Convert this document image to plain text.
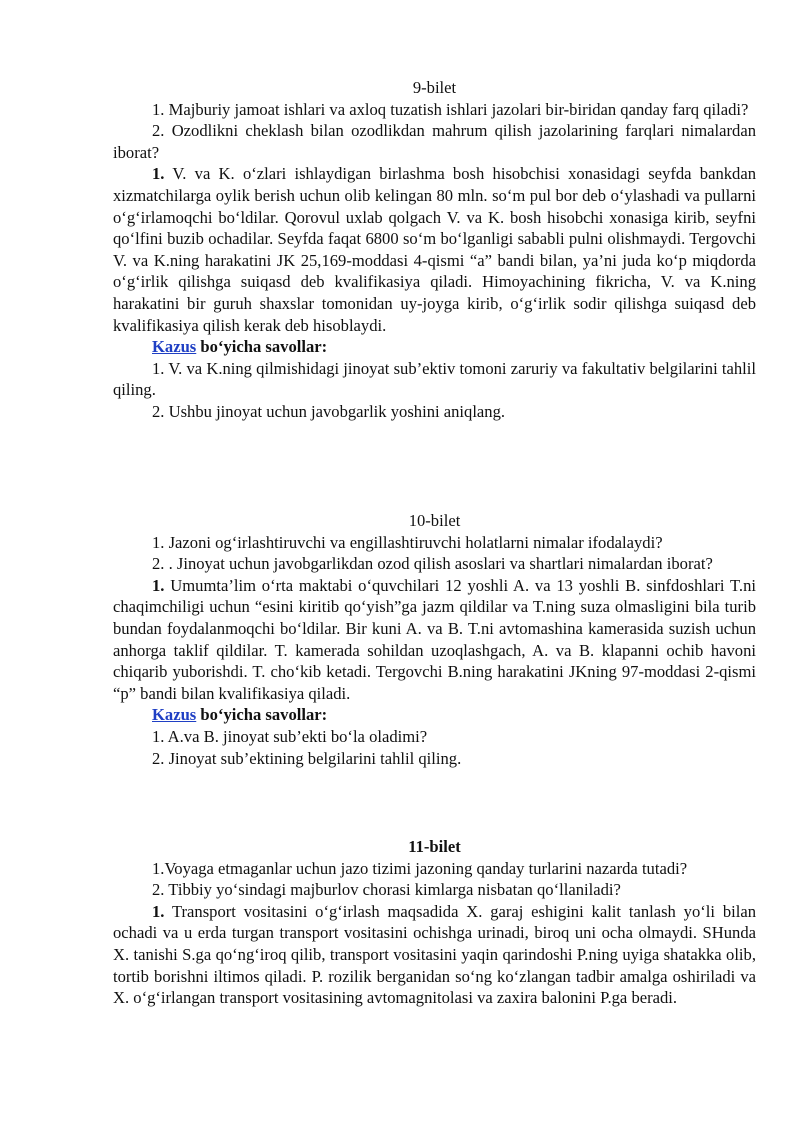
9-bilet

1. Majburiy jamoat ishlari va axloq tuzatish ishlari jazolari bir-biridan qanday farq qiladi?

2. Ozodlikni cheklash bilan ozodlikdan mahrum qilish jazolarining farqlari nimalardan iborat?

1. V. va K. o‘zlari ishlaydigan birlashma bosh hisobchisi xonasidagi seyfda bankdan xizmatchilarga oylik berish uchun olib kelingan 80 mln. so‘m pul bor deb o‘ylashadi va pullarni o‘g‘irlamoqchi bo‘ldilar. Qorovul uxlab qolgach V. va K. bosh hisobchi xonasiga kirib, seyfni qo‘lfini buzib ochadilar. Seyfda faqat 6800 so‘m bo‘lganligi sababli pulni olishmaydi. Tergovchi V. va K.ning harakatini JK 25,169-moddasi 4-qismi “a” bandi bilan, ya’ni juda ko‘p miqdorda o‘g‘irlik qilishga suiqasd deb kvalifikasiya qiladi. Himoyachining fikricha, V. va K.ning harakatini bir guruh shaxslar tomonidan uy-joyga kirib, o‘g‘irlik sodir qilishga suiqasd deb kvalifikasiya qilish kerak deb hisoblaydi.

Kazus bo‘yicha savollar:

1. V. va K.ning qilmishidagi jinoyat sub’ektiv tomoni zaruriy va fakultativ belgilarini tahlil qiling.

2. Ushbu jinoyat uchun javobgarlik yoshini aniqlang.

10-bilet

1. Jazoni og‘irlashtiruvchi va engillashtiruvchi holatlarni nimalar ifodalaydi?

2. . Jinoyat uchun javobgarlikdan ozod qilish asoslari va shartlari nimalardan iborat?

1. Umumta’lim o‘rta maktabi o‘quvchilari 12 yoshli A. va 13 yoshli B. sinfdoshlari T.ni chaqimchiligi uchun “esini kiritib qo‘yish”ga jazm qildilar va T.ning suza olmasligini bila turib bundan foydalanmoqchi bo‘ldilar. Bir kuni A. va B. T.ni avtomashina kamerasida suzish uchun anhorga taklif qildilar. T. kamerada sohildan uzoqlashgach, A. va B. klapanni ochib havoni chiqarib yuborishdi. T. cho‘kib ketadi. Tergovchi B.ning harakatini JKning 97-moddasi 2-qismi “p” bandi bilan kvalifikasiya qiladi.

Kazus bo‘yicha savollar:

1. A.va B. jinoyat sub’ekti bo‘la oladimi?

2. Jinoyat sub’ektining belgilarini tahlil qiling.

11-bilet

1.Voyaga etmaganlar uchun jazo tizimi jazoning qanday turlarini nazarda tutadi?

2. Tibbiy yo‘sindagi majburlov chorasi kimlarga nisbatan qo‘llaniladi?

1. Transport vositasini o‘g‘irlash maqsadida X. garaj eshigini kalit tanlash yo‘li bilan ochadi va u erda turgan transport vositasini ochishga urinadi, biroq uni ocha olmaydi. SHunda X. tanishi S.ga qo‘ng‘iroq qilib, transport vositasini yaqin qarindoshi P.ning uyiga shatakka olib, tortib borishni iltimos qiladi. P. rozilik berganidan so‘ng ko‘zlangan tadbir amalga oshiriladi va X. o‘g‘irlangan transport vositasining avtomagnitolasi va zaxira balonini P.ga beradi.
